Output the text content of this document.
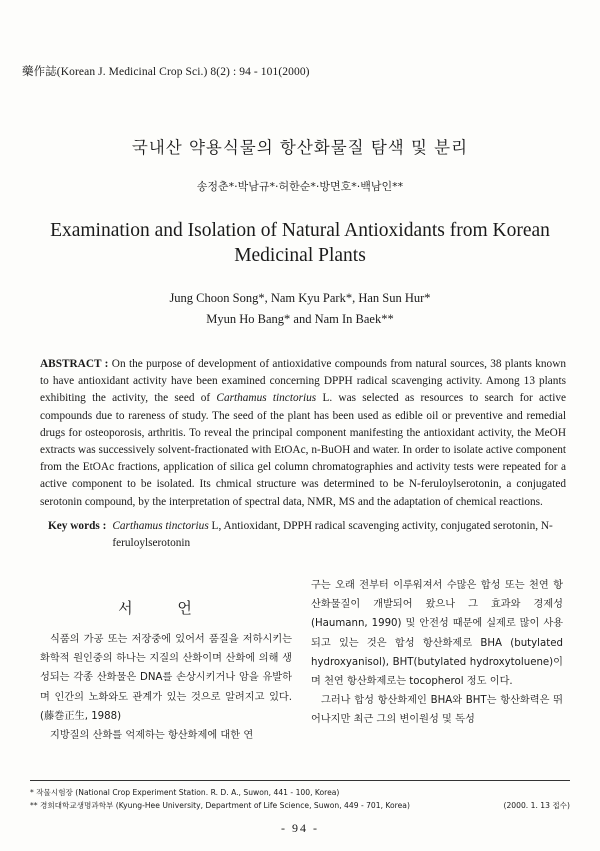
藥作誌(Korean J. Medicinal Crop Sci.) 8(2) : 94 - 101(2000)
국내산 약용식물의 항산화물질 탐색 및 분리
송정춘*·박남규*·허한순*·방면호*·백남인**
Examination and Isolation of Natural Antioxidants from Korean Medicinal Plants
Jung Choon Song*, Nam Kyu Park*, Han Sun Hur*
Myun Ho Bang* and Nam In Baek**
ABSTRACT : On the purpose of development of antioxidative compounds from natural sources, 38 plants known to have antioxidant activity have been examined concerning DPPH radical scavenging activity. Among 13 plants exhibiting the activity, the seed of Carthamus tinctorius L. was selected as resources to search for active compounds due to rareness of study. The seed of the plant has been used as edible oil or preventive and remedial drugs for osteoporosis, arthritis. To reveal the principal component manifesting the antioxidant activity, the MeOH extracts was successively solvent-fractionated with EtOAc, n-BuOH and water. In order to isolate active component from the EtOAc fractions, application of silica gel column chromatographies and activity tests were repeated for a active component to be isolated. Its chmical structure was determined to be N-feruloylserotonin, a conjugated serotonin compound, by the interpretation of spectral data, NMR, MS and the adaptation of chemical reactions.
Key words : Carthamus tinctorius L, Antioxidant, DPPH radical scavenging activity, conjugated serotonin, N-feruloylserotonin
서 언

식품의 가공 또는 저장중에 있어서 품질을 저하시키는 화학적 원인중의 하나는 지질의 산화이며 산화에 의해 생성되는 각종 산화물은 DNA를 손상시키거나 암을 유발하며 인간의 노화와도 관계가 있는 것으로 알려지고 있다. (藤巻正生, 1988)

지방질의 산화를 억제하는 항산화제에 대한 연

구는 오래 전부터 이루워져서 수많은 합성 또는 천연 항산화물질이 개발되어 왔으나 그 효과와 경제성 (Haumann, 1990) 및 안전성 때문에 실제로 많이 사용되고 있는 것은 합성 항산화제로 BHA (butylated hydroxyanisol), BHT(butylated hydroxytoluene)이며 천연 항산화제로는 tocopherol 정도 이다.

그러나 합성 항산화제인 BHA와 BHT는 항산화력은 뛰어나지만 최근 그의 변이원성 및 독성

* 작물시험장 (National Crop Experiment Station. R. D. A., Suwon, 441 - 100, Korea)
** 경희대학교생명과학부 (Kyung-Hee University, Department of Life Science, Suwon, 449 - 701, Korea)	(2000. 1. 13 접수)
- 94 -
